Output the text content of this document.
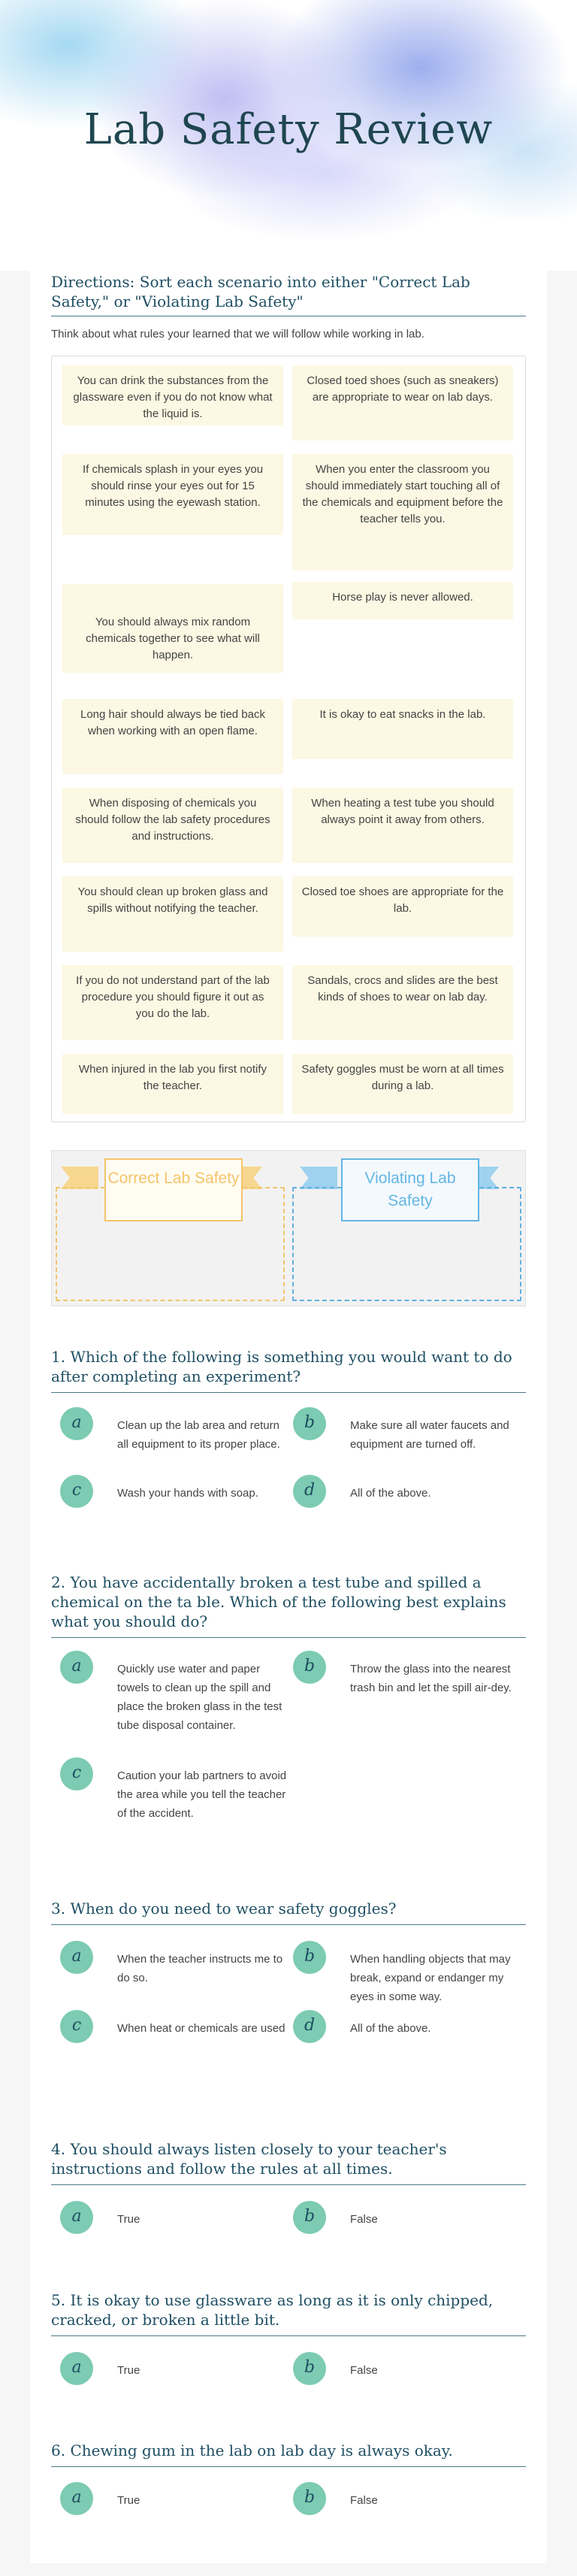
Lab Safety Review
Directions: Sort each scenario into either "Correct Lab Safety," or "Violating Lab Safety"
Think about what rules your learned that we will follow while working in lab.
You can drink the substances from the glassware even if you do not know what the liquid is.
If chemicals splash in your eyes you should rinse your eyes out for 15 minutes using the eyewash station.
You should always mix random chemicals together to see what will happen.
Long hair should always be tied back when working with an open flame.
When disposing of chemicals you should follow the lab safety procedures and instructions.
You should clean up broken glass and spills without notifying the teacher.
If you do not understand part of the lab procedure you should figure it out as you do the lab.
When injured in the lab you first notify the teacher.
Closed toed shoes (such as sneakers) are appropriate to wear on lab days.
When you enter the classroom you should immediately start touching all of the chemicals and equipment before the teacher tells you.
Horse play is never allowed.
It is okay to eat snacks in the lab.
When heating a test tube you should always point it away from others.
Closed toe shoes are appropriate for the lab.
Sandals, crocs and slides are the best kinds of shoes to wear on lab day.
Safety goggles must be worn at all times during a lab.
Correct Lab Safety	Violating Lab Safety
1. Which of the following is something you would want to do after completing an experiment?
a	Clean up the lab area and return all equipment to its proper place.
b	Make sure all water faucets and equipment are turned off.
c	Wash your hands with soap.	d	All of the above.
2. You have accidentally broken a test tube and spilled a chemical on the ta ble. Which of the following best explains what you should do?
a	Quickly use water and paper towels to clean up the spill and place the broken glass in the test tube disposal container.
b	Throw the glass into the nearest trash bin and let the spill air-dey.
c	Caution your lab partners to avoid the area while you tell the teacher of the accident.
3. When do you need to wear safety goggles?
a	When the teacher instructs me to do so.
b	When handling objects that may break, expand or endanger my eyes in some way.
c	When heat or chemicals are used	d	All of the above.
4. You should always listen closely to your teacher's instructions and follow the rules at all times.
a	True	b	False
5. It is okay to use glassware as long as it is only chipped, cracked, or broken a little bit.
a	True	b	False
6. Chewing gum in the lab on lab day is always okay.
a	True	b	False
